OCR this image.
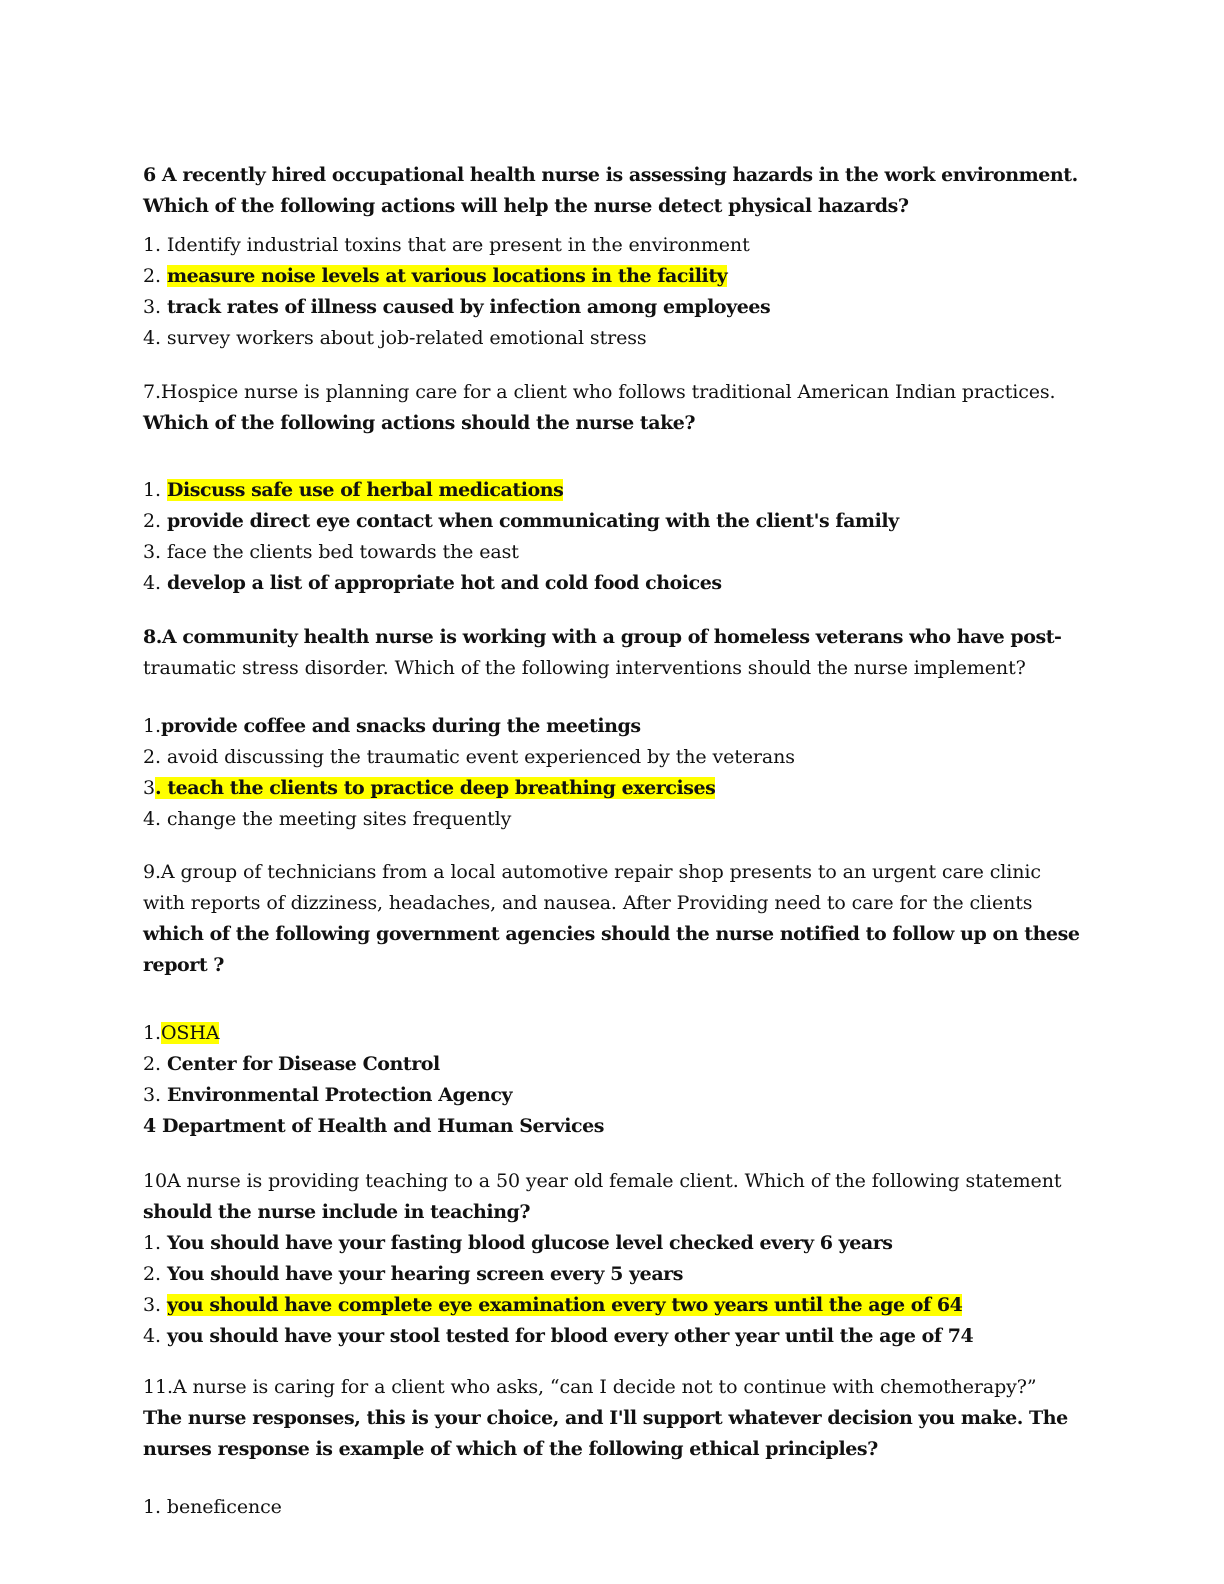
6 A recently hired occupational health nurse is assessing hazards in the work environment.
Which of the following actions will help the nurse detect physical hazards?
1. Identify industrial toxins that are present in the environment
2. measure noise levels at various locations in the facility
3. track rates of illness caused by infection among employees
4. survey workers about job-related emotional stress
7.Hospice nurse is planning care for a client who follows traditional American Indian practices.
Which of the following actions should the nurse take?
1. Discuss safe use of herbal medications
2. provide direct eye contact when communicating with the client's family
3. face the clients bed towards the east
4. develop a list of appropriate hot and cold food choices
8.A community health nurse is working with a group of homeless veterans who have post-
traumatic stress disorder. Which of the following interventions should the nurse implement?
1.provide coffee and snacks during the meetings
2. avoid discussing the traumatic event experienced by the veterans
3. teach the clients to practice deep breathing exercises
4. change the meeting sites frequently
9.A group of technicians from a local automotive repair shop presents to an urgent care clinic
with reports of dizziness, headaches, and nausea. After Providing need to care for the clients
which of the following government agencies should the nurse notified to follow up on these
report ?
1.OSHA
2. Center for Disease Control
3. Environmental Protection Agency
4 Department of Health and Human Services
10A nurse is providing teaching to a 50 year old female client. Which of the following statement
should the nurse include in teaching?
1. You should have your fasting blood glucose level checked every 6 years
2. You should have your hearing screen every 5 years
3. you should have complete eye examination every two years until the age of 64
4. you should have your stool tested for blood every other year until the age of 74
11.A nurse is caring for a client who asks, “can I decide not to continue with chemotherapy?”
The nurse responses, this is your choice, and I'll support whatever decision you make. The
nurses response is example of which of the following ethical principles?
1. beneficence
